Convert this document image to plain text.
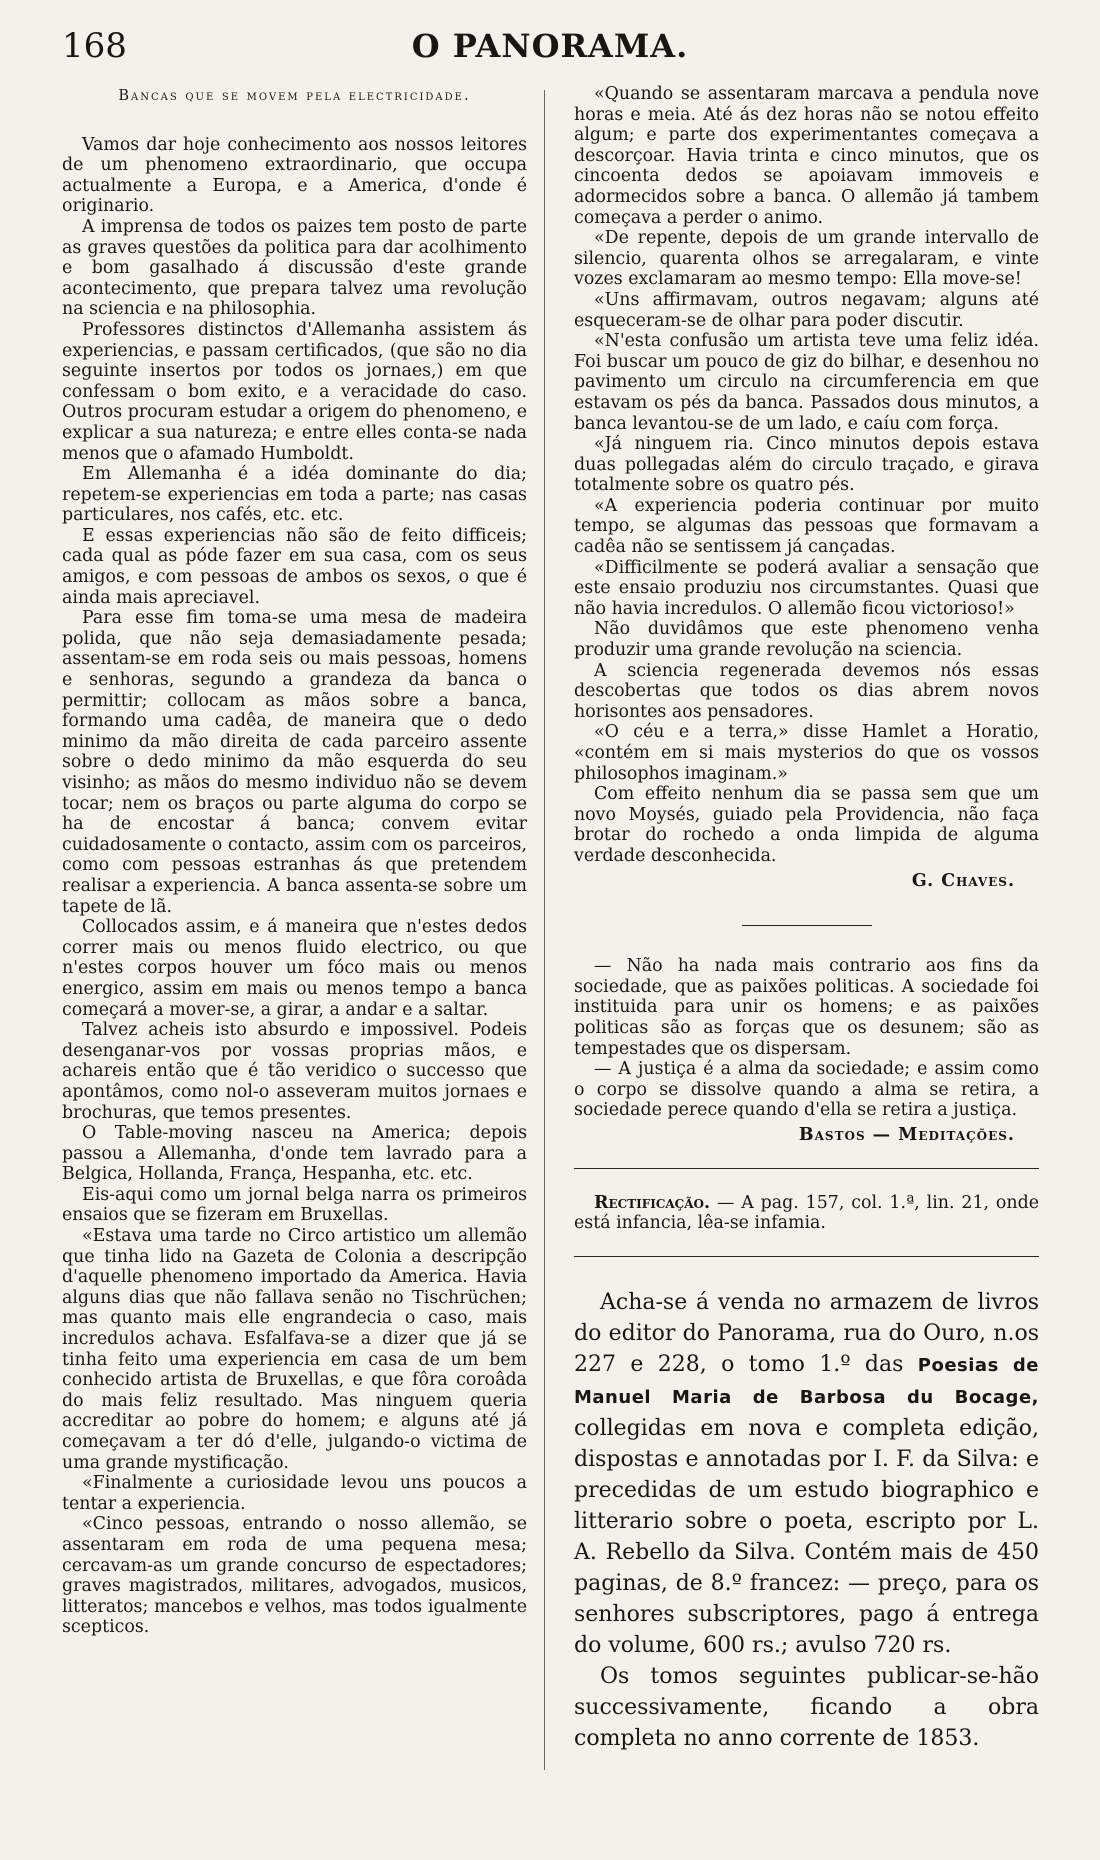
168	O PANORAMA.
Bancas que se movem pela electricidade.

Vamos dar hoje conhecimento aos nossos leitores de um phenomeno extraordinario, que occupa actualmente a Europa, e a America, d'onde é originario.

A imprensa de todos os paizes tem posto de parte as graves questões da politica para dar acolhimento e bom gasalhado á discussão d'este grande acontecimento, que prepara talvez uma revolução na sciencia e na philosophia.

Professores distinctos d'Allemanha assistem ás experiencias, e passam certificados, (que são no dia seguinte insertos por todos os jornaes,) em que confessam o bom exito, e a veracidade do caso. Outros procuram estudar a origem do phenomeno, e explicar a sua natureza; e entre elles conta-se nada menos que o afamado Humboldt.

Em Allemanha é a idéa dominante do dia; repetem-se experiencias em toda a parte; nas casas particulares, nos cafés, etc. etc.

E essas experiencias não são de feito difficeis; cada qual as póde fazer em sua casa, com os seus amigos, e com pessoas de ambos os sexos, o que é ainda mais apreciavel.

Para esse fim toma-se uma mesa de madeira polida, que não seja demasiadamente pesada; assentam-se em roda seis ou mais pessoas, homens e senhoras, segundo a grandeza da banca o permittir; collocam as mãos sobre a banca, formando uma cadêa, de maneira que o dedo minimo da mão direita de cada parceiro assente sobre o dedo minimo da mão esquerda do seu visinho; as mãos do mesmo individuo não se devem tocar; nem os braços ou parte alguma do corpo se ha de encostar á banca; convem evitar cuidadosamente o contacto, assim com os parceiros, como com pessoas estranhas ás que pretendem realisar a experiencia. A banca assenta-se sobre um tapete de lã.

Collocados assim, e á maneira que n'estes dedos correr mais ou menos fluido electrico, ou que n'estes corpos houver um fóco mais ou menos energico, assim em mais ou menos tempo a banca começará a mover-se, a girar, a andar e a saltar.

Talvez acheis isto absurdo e impossivel. Podeis desenganar-vos por vossas proprias mãos, e achareis então que é tão veridico o successo que apontâmos, como nol-o asseveram muitos jornaes e brochuras, que temos presentes.

O Table-moving nasceu na America; depois passou a Allemanha, d'onde tem lavrado para a Belgica, Hollanda, França, Hespanha, etc. etc.

Eis-aqui como um jornal belga narra os primeiros ensaios que se fizeram em Bruxellas.

«Estava uma tarde no Circo artistico um allemão que tinha lido na Gazeta de Colonia a descripção d'aquelle phenomeno importado da America. Havia alguns dias que não fallava senão no Tischrüchen; mas quanto mais elle engrandecia o caso, mais incredulos achava. Esfalfava-se a dizer que já se tinha feito uma experiencia em casa de um bem conhecido artista de Bruxellas, e que fôra coroâda do mais feliz resultado. Mas ninguem queria accreditar ao pobre do homem; e alguns até já começavam a ter dó d'elle, julgando-o victima de uma grande mystificação.

«Finalmente a curiosidade levou uns poucos a tentar a experiencia.

«Cinco pessoas, entrando o nosso allemão, se assentaram em roda de uma pequena mesa; cercavam-as um grande concurso de espectadores; graves magistrados, militares, advogados, musicos, litteratos; mancebos e velhos, mas todos igualmente scepticos.

«Quando se assentaram marcava a pendula nove horas e meia. Até ás dez horas não se notou effeito algum; e parte dos experimentantes começava a descorçoar. Havia trinta e cinco minutos, que os cincoenta dedos se apoiavam immoveis e adormecidos sobre a banca. O allemão já tambem começava a perder o animo.

«De repente, depois de um grande intervallo de silencio, quarenta olhos se arregalaram, e vinte vozes exclamaram ao mesmo tempo: Ella move-se!

«Uns affirmavam, outros negavam; alguns até esqueceram-se de olhar para poder discutir.

«N'esta confusão um artista teve uma feliz idéa. Foi buscar um pouco de giz do bilhar, e desenhou no pavimento um circulo na circumferencia em que estavam os pés da banca. Passados dous minutos, a banca levantou-se de um lado, e caíu com força.

«Já ninguem ria. Cinco minutos depois estava duas pollegadas além do circulo traçado, e girava totalmente sobre os quatro pés.

«A experiencia poderia continuar por muito tempo, se algumas das pessoas que formavam a cadêa não se sentissem já cançadas.

«Difficilmente se poderá avaliar a sensação que este ensaio produziu nos circumstantes. Quasi que não havia incredulos. O allemão ficou victorioso!»

Não duvidâmos que este phenomeno venha produzir uma grande revolução na sciencia.

A sciencia regenerada devemos nós essas descobertas que todos os dias abrem novos horisontes aos pensadores.

«O céu e a terra,» disse Hamlet a Horatio, «contém em si mais mysterios do que os vossos philosophos imaginam.»

Com effeito nenhum dia se passa sem que um novo Moysés, guiado pela Providencia, não faça brotar do rochedo a onda limpida de alguma verdade desconhecida.

G. Chaves.

— Não ha nada mais contrario aos fins da sociedade, que as paixões politicas. A sociedade foi instituida para unir os homens; e as paixões politicas são as forças que os desunem; são as tempestades que os dispersam.

— A justiça é a alma da sociedade; e assim como o corpo se dissolve quando a alma se retira, a sociedade perece quando d'ella se retira a justiça.

Bastos — Meditações.

Rectificação. — A pag. 157, col. 1.ª, lin. 21, onde está infancia, lêa-se infamia.

Acha-se á venda no armazem de livros do editor do Panorama, rua do Ouro, n.os 227 e 228, o tomo 1.º das Poesias de Manuel Maria de Barbosa du Bocage, collegidas em nova e completa edição, dispostas e annotadas por I. F. da Silva: e precedidas de um estudo biographico e litterario sobre o poeta, escripto por L. A. Rebello da Silva. Contém mais de 450 paginas, de 8.º francez: — preço, para os senhores subscriptores, pago á entrega do volume, 600 rs.; avulso 720 rs.

Os tomos seguintes publicar-se-hão successivamente, ficando a obra completa no anno corrente de 1853.
